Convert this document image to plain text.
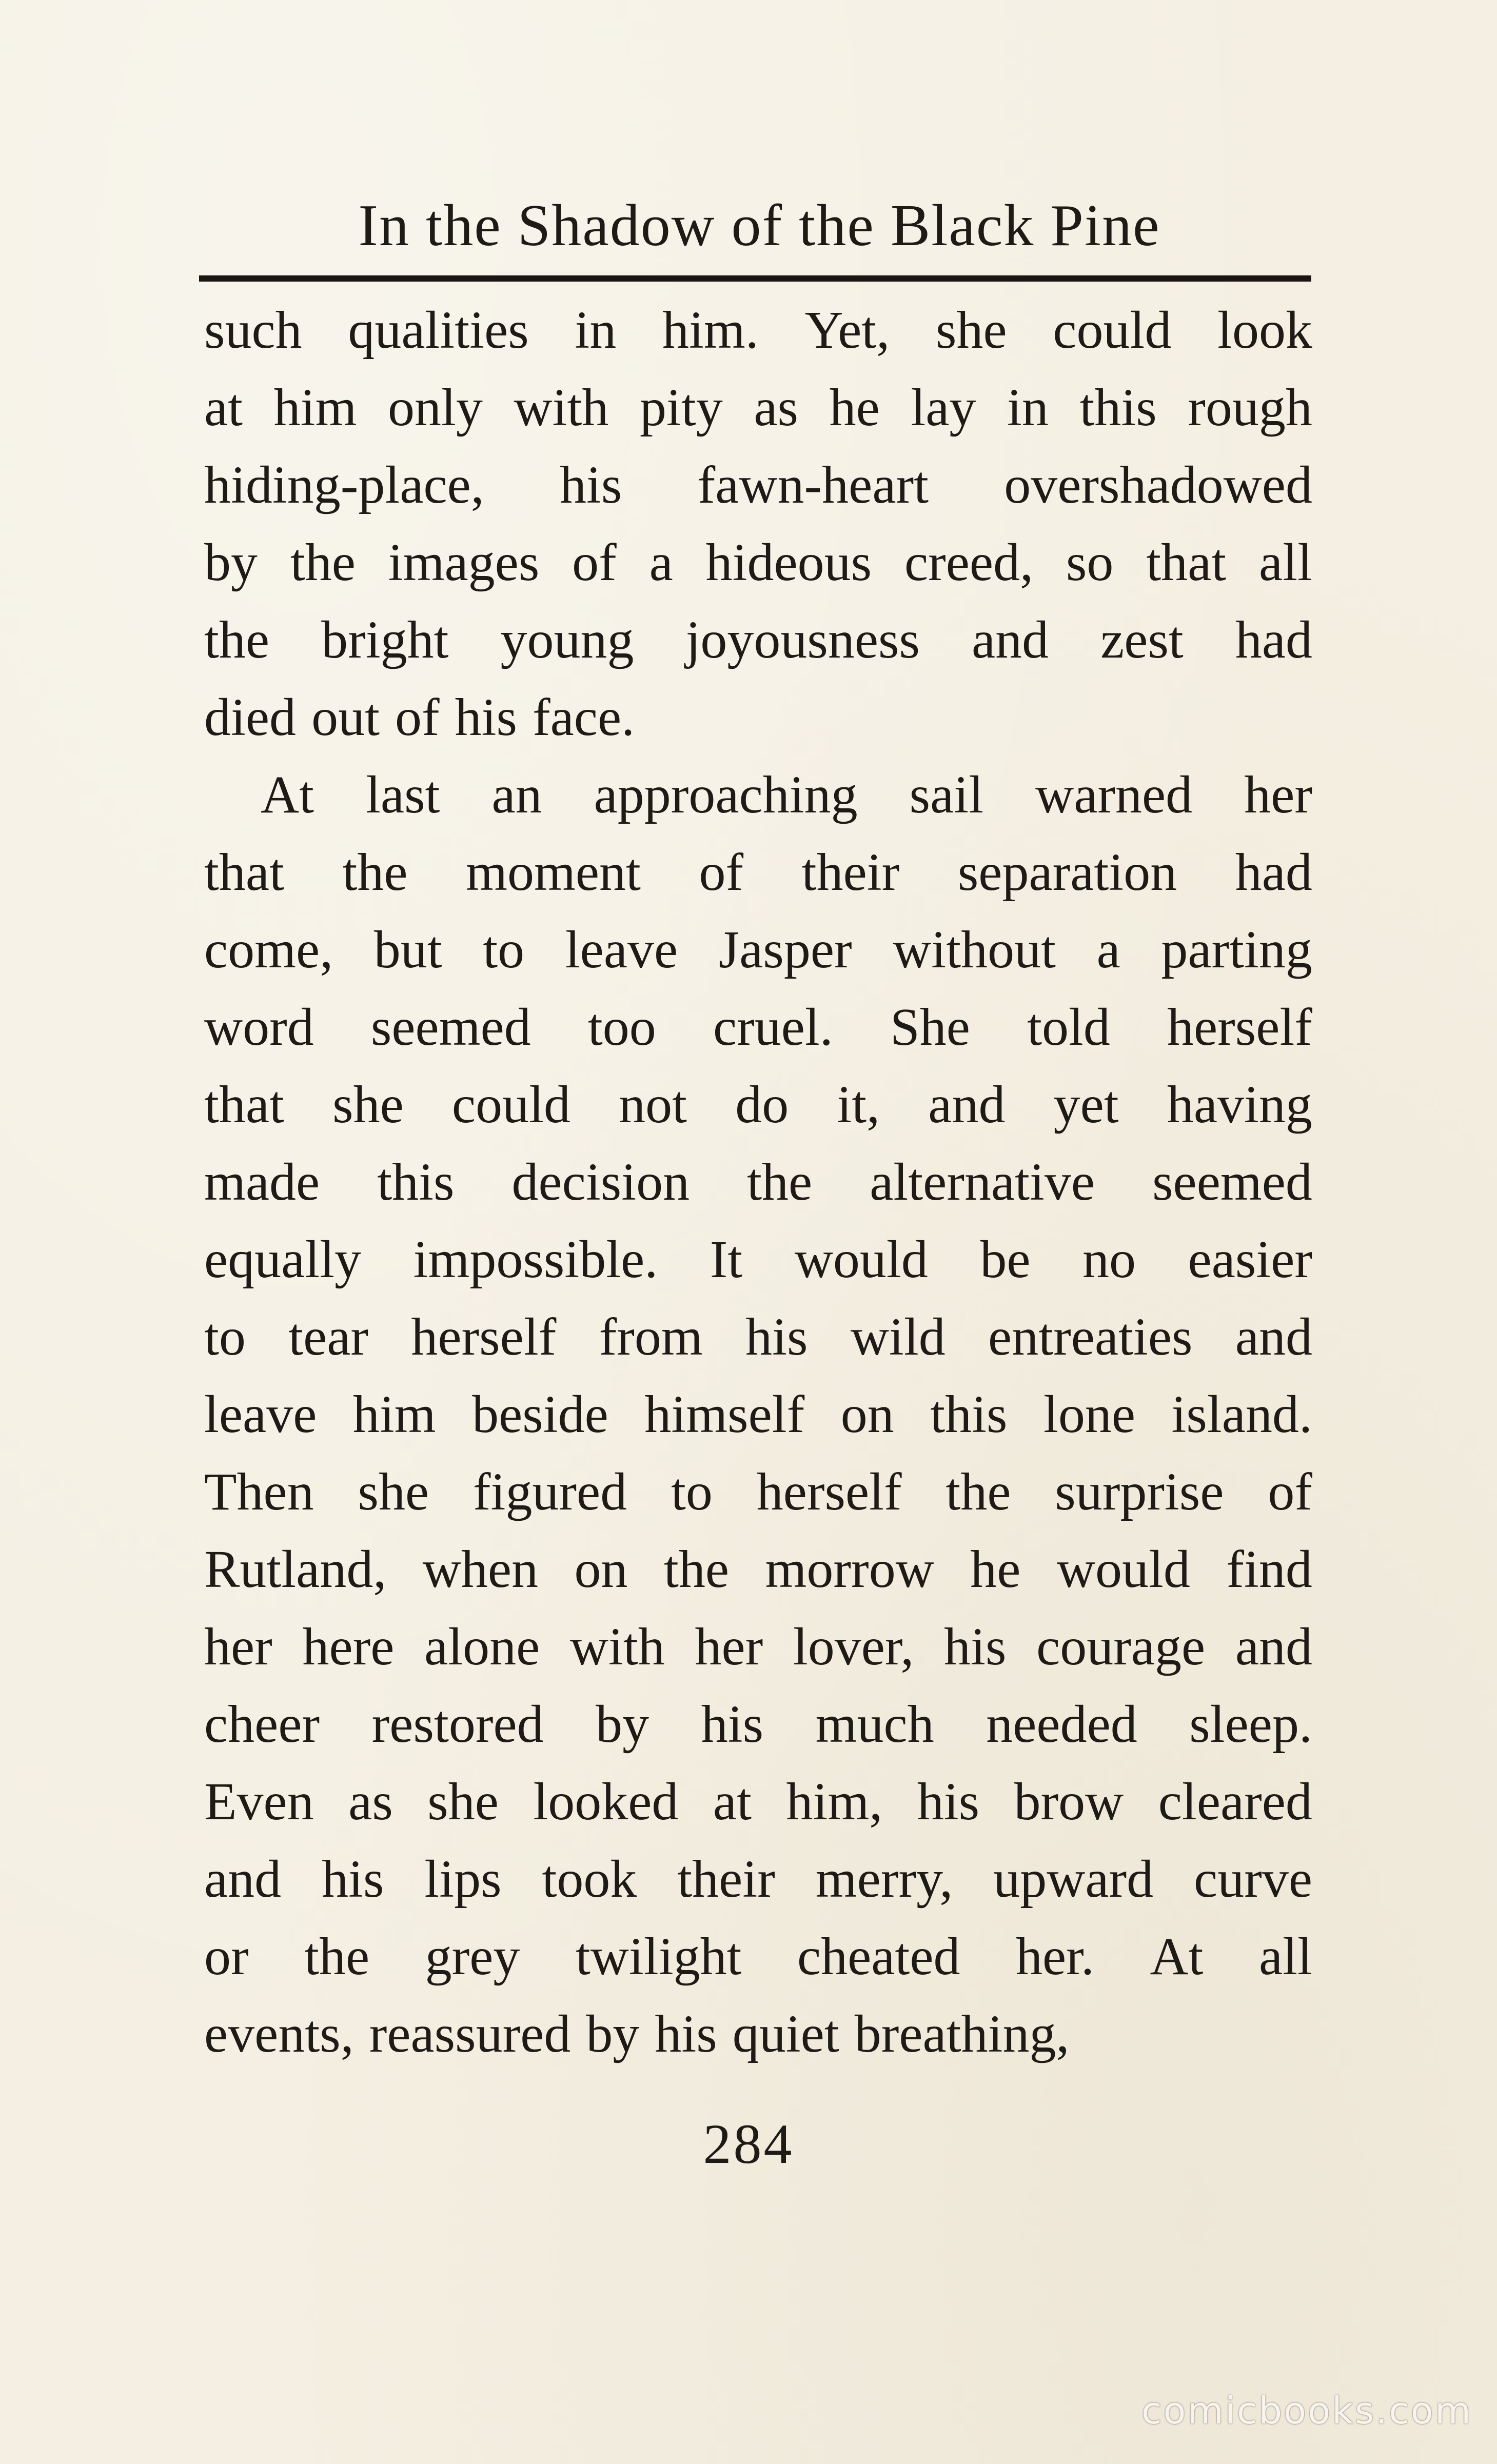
In the Shadow of the Black Pine
such qualities in him. Yet, she could look
at him only with pity as he lay in this rough
hiding-place, his fawn-heart overshadowed
by the images of a hideous creed, so that all
the bright young joyousness and zest had
died out of his face.
At last an approaching sail warned her
that the moment of their separation had
come, but to leave Jasper without a parting
word seemed too cruel. She told herself
that she could not do it, and yet having
made this decision the alternative seemed
equally impossible. It would be no easier
to tear herself from his wild entreaties and
leave him beside himself on this lone island.
Then she figured to herself the surprise of
Rutland, when on the morrow he would find
her here alone with her lover, his courage and
cheer restored by his much needed sleep.
Even as she looked at him, his brow cleared
and his lips took their merry, upward curve
or the grey twilight cheated her. At all
events, reassured by his quiet breathing,
284
comicbooks.com
